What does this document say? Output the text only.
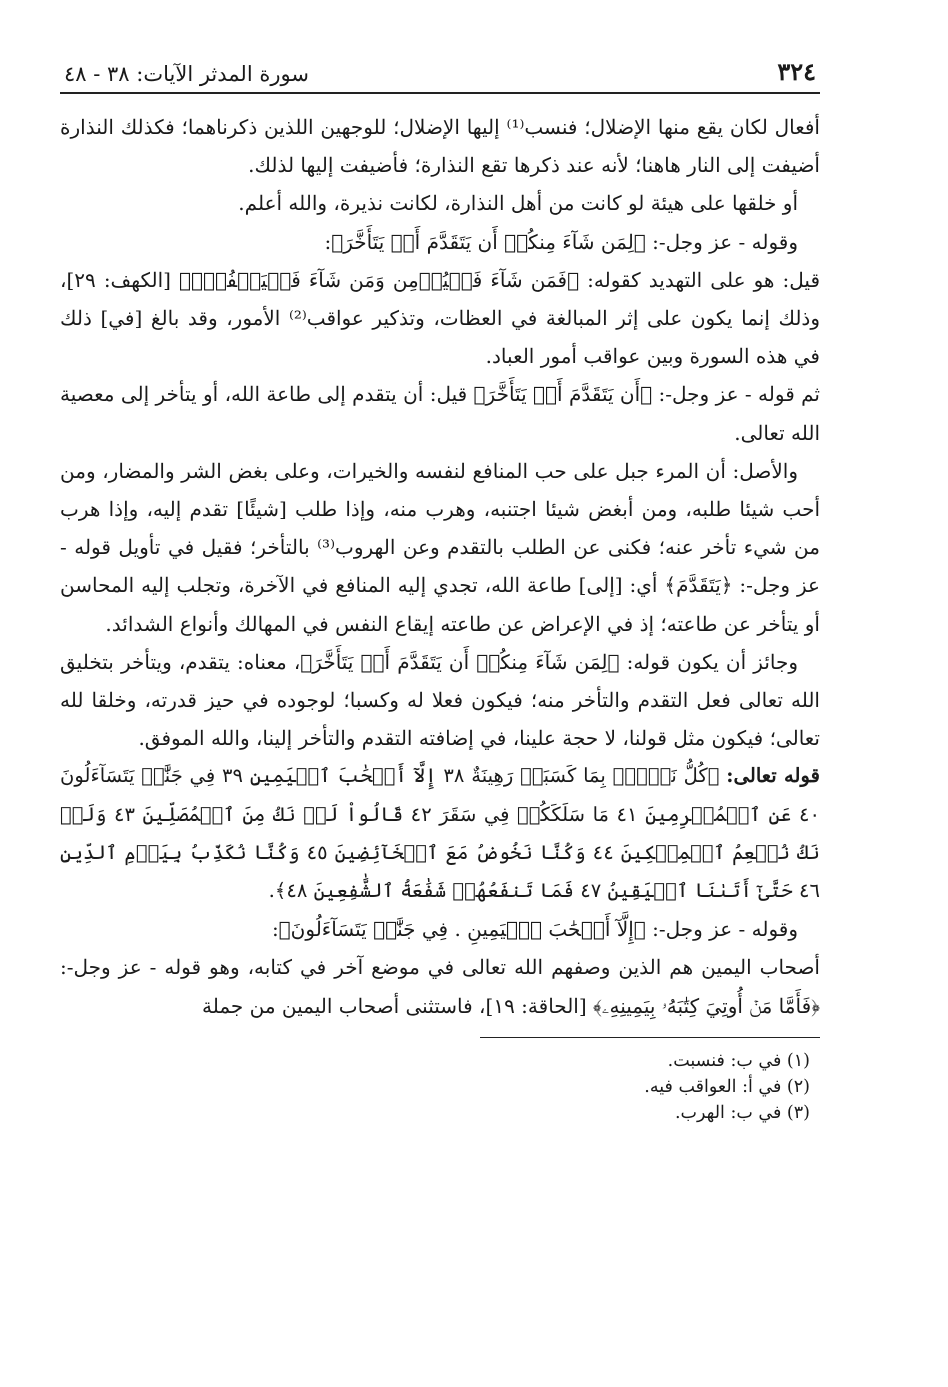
٣٢٤
سورة المدثر الآيات: ٣٨ - ٤٨

أفعال لكان يقع منها الإضلال؛ فنسب⁽¹⁾ إليها الإضلال؛ للوجهين اللذين ذكرناهما؛ فكذلك النذارة أضيفت إلى النار هاهنا؛ لأنه عند ذكرها تقع النذارة؛ فأضيفت إليها لذلك.

أو خلقها على هيئة لو كانت من أهل النذارة، لكانت نذيرة، والله أعلم.

وقوله - عز وجل-: ﴿لِمَن شَآءَ مِنكُمۡ أَن يَتَقَدَّمَ أَوۡ يَتَأَخَّرَ﴾:

قيل: هو على التهديد كقوله: ﴿فَمَن شَآءَ فَلۡيُؤۡمِن وَمَن شَآءَ فَلۡيَكۡفُرۡۚ﴾ [الكهف: ٢٩]، وذلك إنما يكون على إثر المبالغة في العظات، وتذكير عواقب⁽²⁾ الأمور، وقد بالغ [في] ذلك في هذه السورة وبين عواقب أمور العباد.

ثم قوله - عز وجل-: ﴿أَن يَتَقَدَّمَ أَوۡ يَتَأَخَّرَ﴾ قيل: أن يتقدم إلى طاعة الله، أو يتأخر إلى معصية الله تعالى.

والأصل: أن المرء جبل على حب المنافع لنفسه والخيرات، وعلى بغض الشر والمضار، ومن أحب شيئا طلبه، ومن أبغض شيئا اجتنبه، وهرب منه، وإذا طلب [شيئًا] تقدم إليه، وإذا هرب من شيء تأخر عنه؛ فكنى عن الطلب بالتقدم وعن الهروب⁽³⁾ بالتأخر؛ فقيل في تأويل قوله - عز وجل-: ﴿يَتَقَدَّمَ﴾ أي: [إلى] طاعة الله، تجدي إليه المنافع في الآخرة، وتجلب إليه المحاسن أو يتأخر عن طاعته؛ إذ في الإعراض عن طاعته إيقاع النفس في المهالك وأنواع الشدائد.

وجائز أن يكون قوله: ﴿لِمَن شَآءَ مِنكُمۡ أَن يَتَقَدَّمَ أَوۡ يَتَأَخَّرَ﴾، معناه: يتقدم، ويتأخر بتخليق الله تعالى فعل التقدم والتأخر منه؛ فيكون فعلا له وكسبا؛ لوجوده في حيز قدرته، وخلقا لله تعالى؛ فيكون مثل قولنا، لا حجة علينا، في إضافته التقدم والتأخر إلينا، والله الموفق.

قوله تعالى: ﴿كُلُّ نَفۡسِۭ بِمَا كَسَبَتۡ رَهِينَةٌ ٣٨ إِلَّآ أَصۡحَٰبَ ٱلۡيَمِينِ ٣٩ فِي جَنَّٰتٖ يَتَسَآءَلُونَ ٤٠ عَنِ ٱلۡمُجۡرِمِينَ ٤١ مَا سَلَكَكُمۡ فِي سَقَرَ ٤٢ قَالُواْ لَمۡ نَكُ مِنَ ٱلۡمُصَلِّينَ ٤٣ وَلَمۡ نَكُ نُطۡعِمُ ٱلۡمِسۡكِينَ ٤٤ وَكُنَّا نَخُوضُ مَعَ ٱلۡخَآئِضِينَ ٤٥ وَكُنَّا نُكَذِّبُ بِيَوۡمِ ٱلدِّينِ ٤٦ حَتَّىٰٓ أَتَىٰنَا ٱلۡيَقِينُ ٤٧ فَمَا تَنفَعُهُمۡ شَفَٰعَةُ ٱلشَّٰفِعِينَ ٤٨﴾.

وقوله - عز وجل-: ﴿إِلَّآ أَصۡحَٰبَ ٱلۡيَمِينِ . فِي جَنَّٰتٖ يَتَسَآءَلُونَ﴾:

أصحاب اليمين هم الذين وصفهم الله تعالى في موضع آخر في كتابه، وهو قوله - عز وجل-: ﴿فَأَمَّا مَنۡ أُوتِيَ كِتَٰبَهُۥ بِيَمِينِهِۦ﴾ [الحاقة: ١٩]، فاستثنى أصحاب اليمين من جملة

(١) في ب: فنسبت.
(٢) في أ: العواقب فيه.
(٣) في ب: الهرب.
